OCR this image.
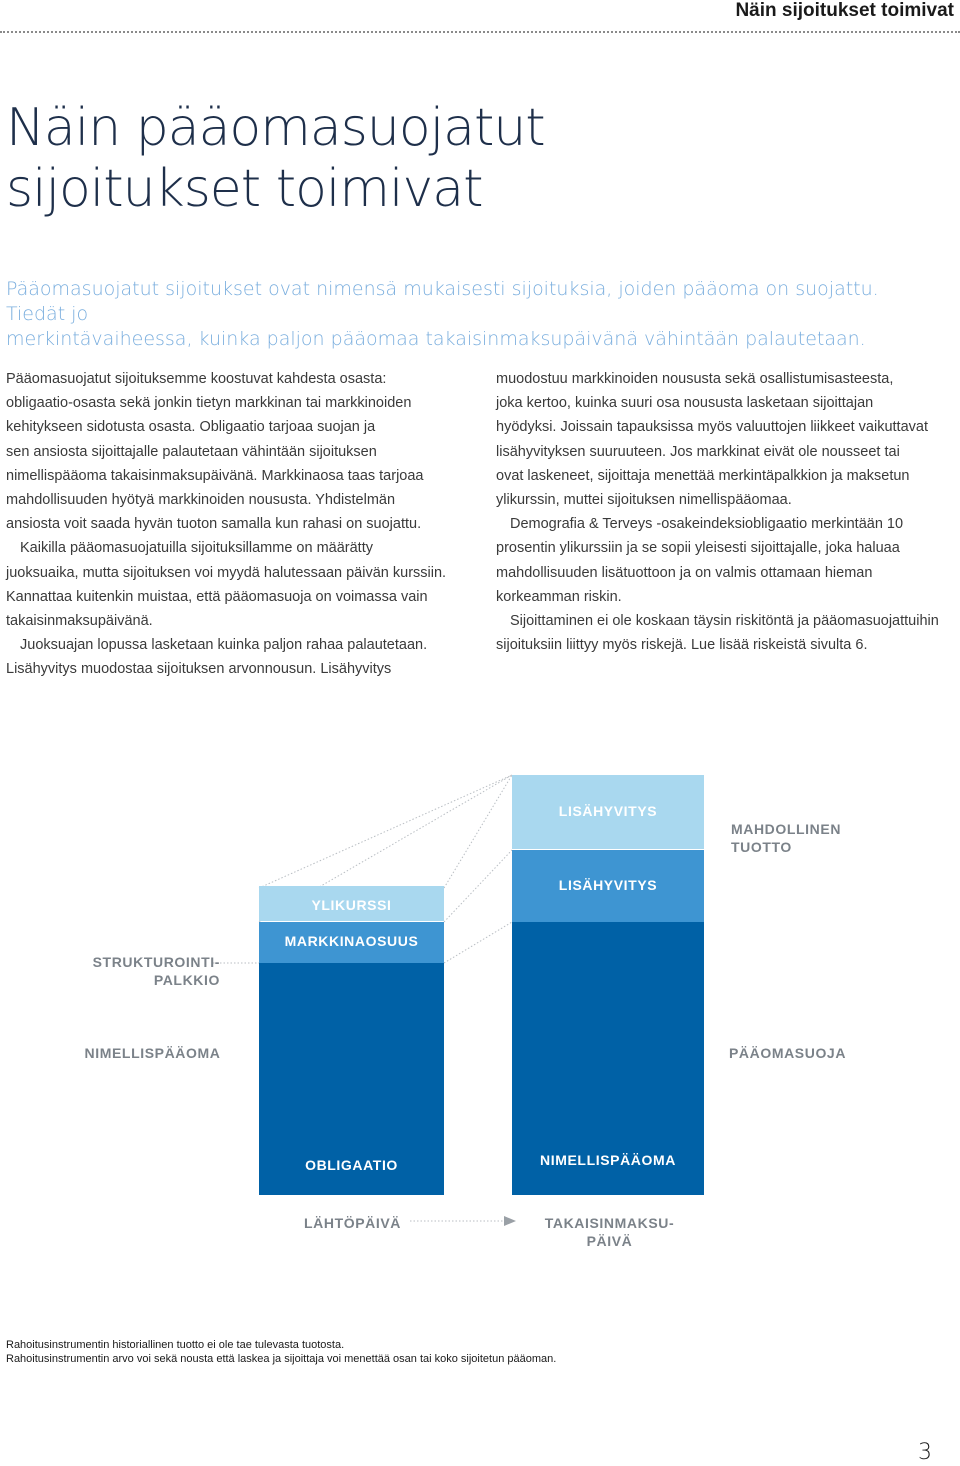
Näin sijoitukset toimivat
Näin pääomasuojatut
sijoitukset toimivat
Pääomasuojatut sijoitukset ovat nimensä mukaisesti sijoituksia, joiden pääoma on suojattu. Tiedät jo
merkintävaiheessa, kuinka paljon pääomaa takaisinmaksupäivänä vähintään palautetaan.
Pääomasuojatut sijoituksemme koostuvat kahdesta osasta:
obligaatio-osasta sekä jonkin tietyn markkinan tai markkinoiden
kehitykseen sidotusta osasta. Obligaatio tarjoaa suojan ja
sen ansiosta sijoittajalle palautetaan vähintään sijoituksen
nimellispääoma takaisinmaksupäivänä. Markkinaosa taas tarjoaa
mahdollisuuden hyötyä markkinoiden noususta. Yhdistelmän
ansiosta voit saada hyvän tuoton samalla kun rahasi on suojattu.
Kaikilla pääomasuojatuilla sijoituksillamme on määrätty
juoksuaika, mutta sijoituksen voi myydä halutessaan päivän kurssiin.
Kannattaa kuitenkin muistaa, että pääomasuoja on voimassa vain
takaisinmaksupäivänä.
Juoksuajan lopussa lasketaan kuinka paljon rahaa palautetaan.
Lisähyvitys muodostaa sijoituksen arvonnousun. Lisähyvitys
muodostuu markkinoiden noususta sekä osallistumisasteesta,
joka kertoo, kuinka suuri osa noususta lasketaan sijoittajan
hyödyksi. Joissain tapauksissa myös valuuttojen liikkeet vaikuttavat
lisähyvityksen suuruuteen. Jos markkinat eivät ole nousseet tai
ovat laskeneet, sijoittaja menettää merkintäpalkkion ja maksetun
ylikurssin, muttei sijoituksen nimellispääomaa.
Demografia & Terveys -osakeindeksiobligaatio merkintään 10
prosentin ylikurssiin ja se sopii yleisesti sijoittajalle, joka haluaa
mahdollisuuden lisätuottoon ja on valmis ottamaan hieman
korkeamman riskin.
Sijoittaminen ei ole koskaan täysin riskitöntä ja pääomasuojattuihin
sijoituksiin liittyy myös riskejä. Lue lisää riskeistä sivulta 6.
YLIKURSSI
MARKKINAOSUUS
OBLIGAATIO
LISÄHYVITYS
LISÄHYVITYS
NIMELLISPÄÄOMA
STRUKTUROINTI-
PALKKIO
NIMELLISPÄÄOMA
MAHDOLLINEN
TUOTTO
PÄÄOMASUOJA
LÄHTÖPÄIVÄ	TAKAISINMAKSU-
PÄIVÄ
Rahoitusinstrumentin historiallinen tuotto ei ole tae tulevasta tuotosta.
Rahoitusinstrumentin arvo voi sekä nousta että laskea ja sijoittaja voi menettää osan tai koko sijoitetun pääoman.
3
